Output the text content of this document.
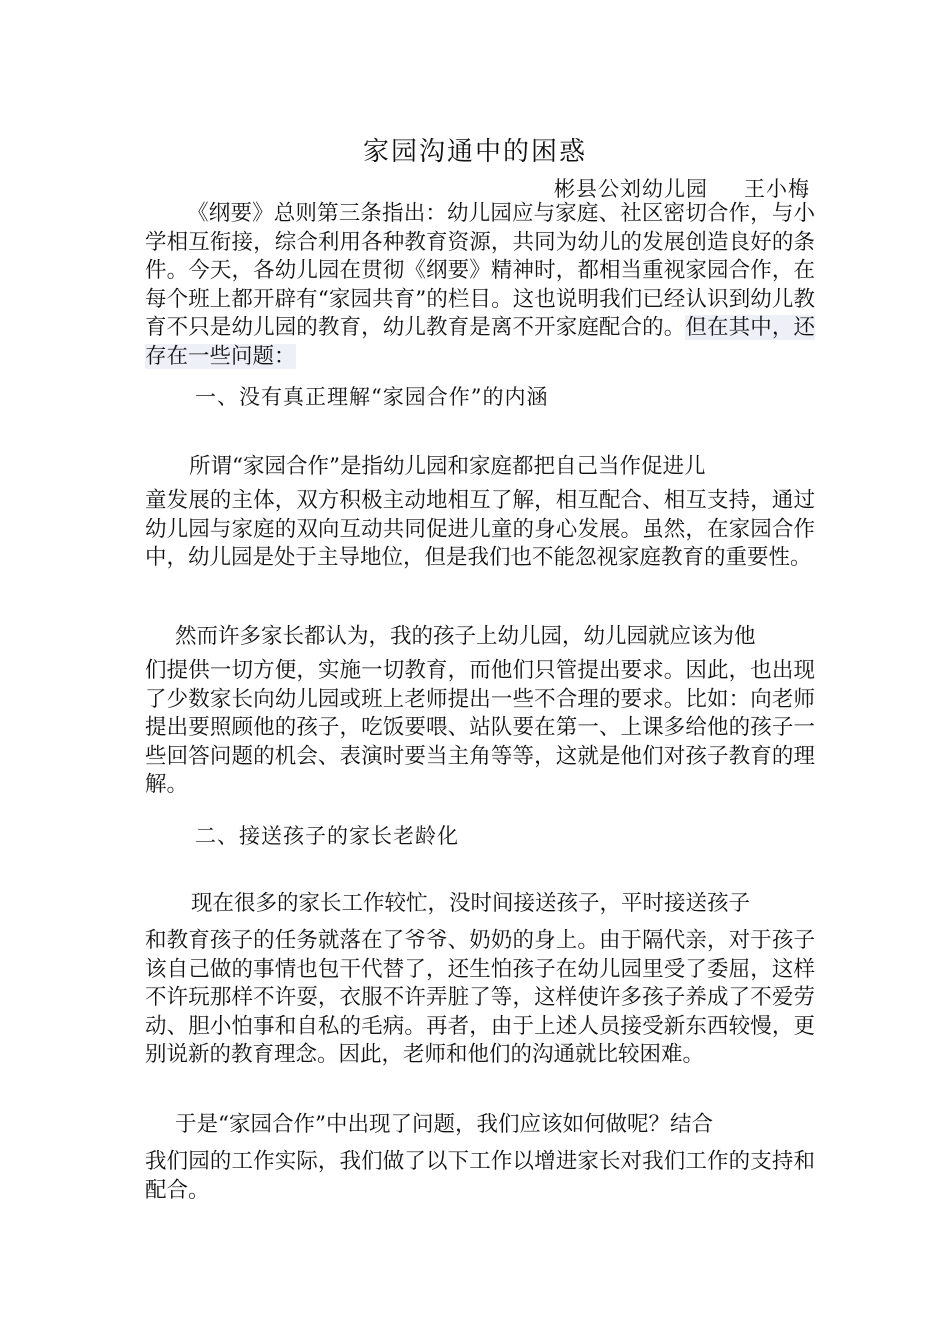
家园沟通中的困惑
彬县公刘幼儿园 王小梅

《纲要》总则第三条指出：幼儿园应与家庭、社区密切合作，与小学相互衔接，综合利用各种教育资源，共同为幼儿的发展创造良好的条件。今天，各幼儿园在贯彻《纲要》精神时，都相当重视家园合作，在每个班上都开辟有“家园共育”的栏目。这也说明我们已经认识到幼儿教育不只是幼儿园的教育，幼儿教育是离不开家庭配合的。但在其中，还存在一些问题：

一、没有真正理解“家园合作”的内涵
所谓“家园合作”是指幼儿园和家庭都把自己当作促进儿

童发展的主体，双方积极主动地相互了解，相互配合、相互支持，通过幼儿园与家庭的双向互动共同促进儿童的身心发展。虽然，在家园合作中，幼儿园是处于主导地位，但是我们也不能忽视家庭教育的重要性。

然而许多家长都认为，我的孩子上幼儿园，幼儿园就应该为他

们提供一切方便，实施一切教育，而他们只管提出要求。因此，也出现了少数家长向幼儿园或班上老师提出一些不合理的要求。比如：向老师提出要照顾他的孩子，吃饭要喂、站队要在第一、上课多给他的孩子一些回答问题的机会、表演时要当主角等等，这就是他们对孩子教育的理解。

二、接送孩子的家长老龄化
现在很多的家长工作较忙，没时间接送孩子，平时接送孩子

和教育孩子的任务就落在了爷爷、奶奶的身上。由于隔代亲，对于孩子该自己做的事情也包干代替了，还生怕孩子在幼儿园里受了委屈，这样不许玩那样不许耍，衣服不许弄脏了等，这样使许多孩子养成了不爱劳动、胆小怕事和自私的毛病。再者，由于上述人员接受新东西较慢，更别说新的教育理念。因此，老师和他们的沟通就比较困难。

于是“家园合作”中出现了问题，我们应该如何做呢？结合

我们园的工作实际，我们做了以下工作以增进家长对我们工作的支持和配合。
